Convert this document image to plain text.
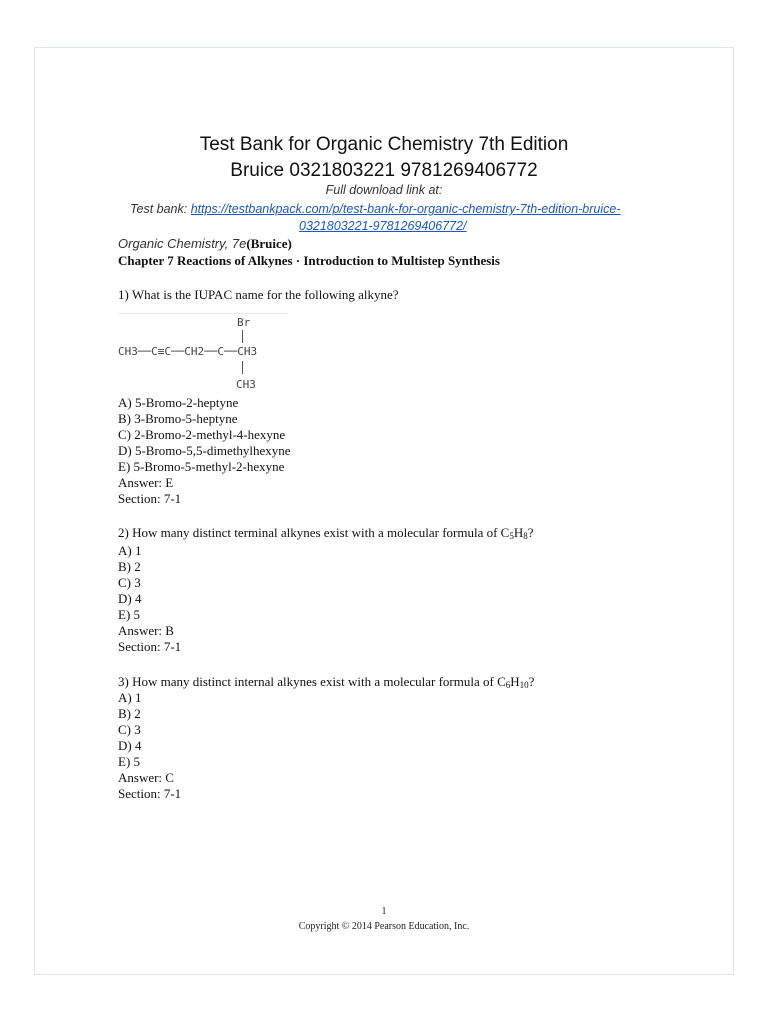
Test Bank for Organic Chemistry 7th Edition
Bruice 0321803221 9781269406772
Full download link at:
Test bank: https://testbankpack.com/p/test-bank-for-organic-chemistry-7th-edition-bruice-
0321803221-9781269406772/
Organic Chemistry, 7e(Bruice)
Chapter 7 Reactions of Alkynes · Introduction to Multistep Synthesis
1) What is the IUPAC name for the following alkyne?
Br
CH3──C≡C──CH2──C──CH3
CH3
A) 5-Bromo-2-heptyne
B) 3-Bromo-5-heptyne
C) 2-Bromo-2-methyl-4-hexyne
D) 5-Bromo-5,5-dimethylhexyne
E) 5-Bromo-5-methyl-2-hexyne
Answer: E
Section: 7-1
2) How many distinct terminal alkynes exist with a molecular formula of $C_5H_8$?
A) 1
B) 2
C) 3
D) 4
E) 5
Answer: B
Section: 7-1
3) How many distinct internal alkynes exist with a molecular formula of $C_6H_{10}$?
A) 1
B) 2
C) 3
D) 4
E) 5
Answer: C
Section: 7-1
1
Copyright © 2014 Pearson Education, Inc.
